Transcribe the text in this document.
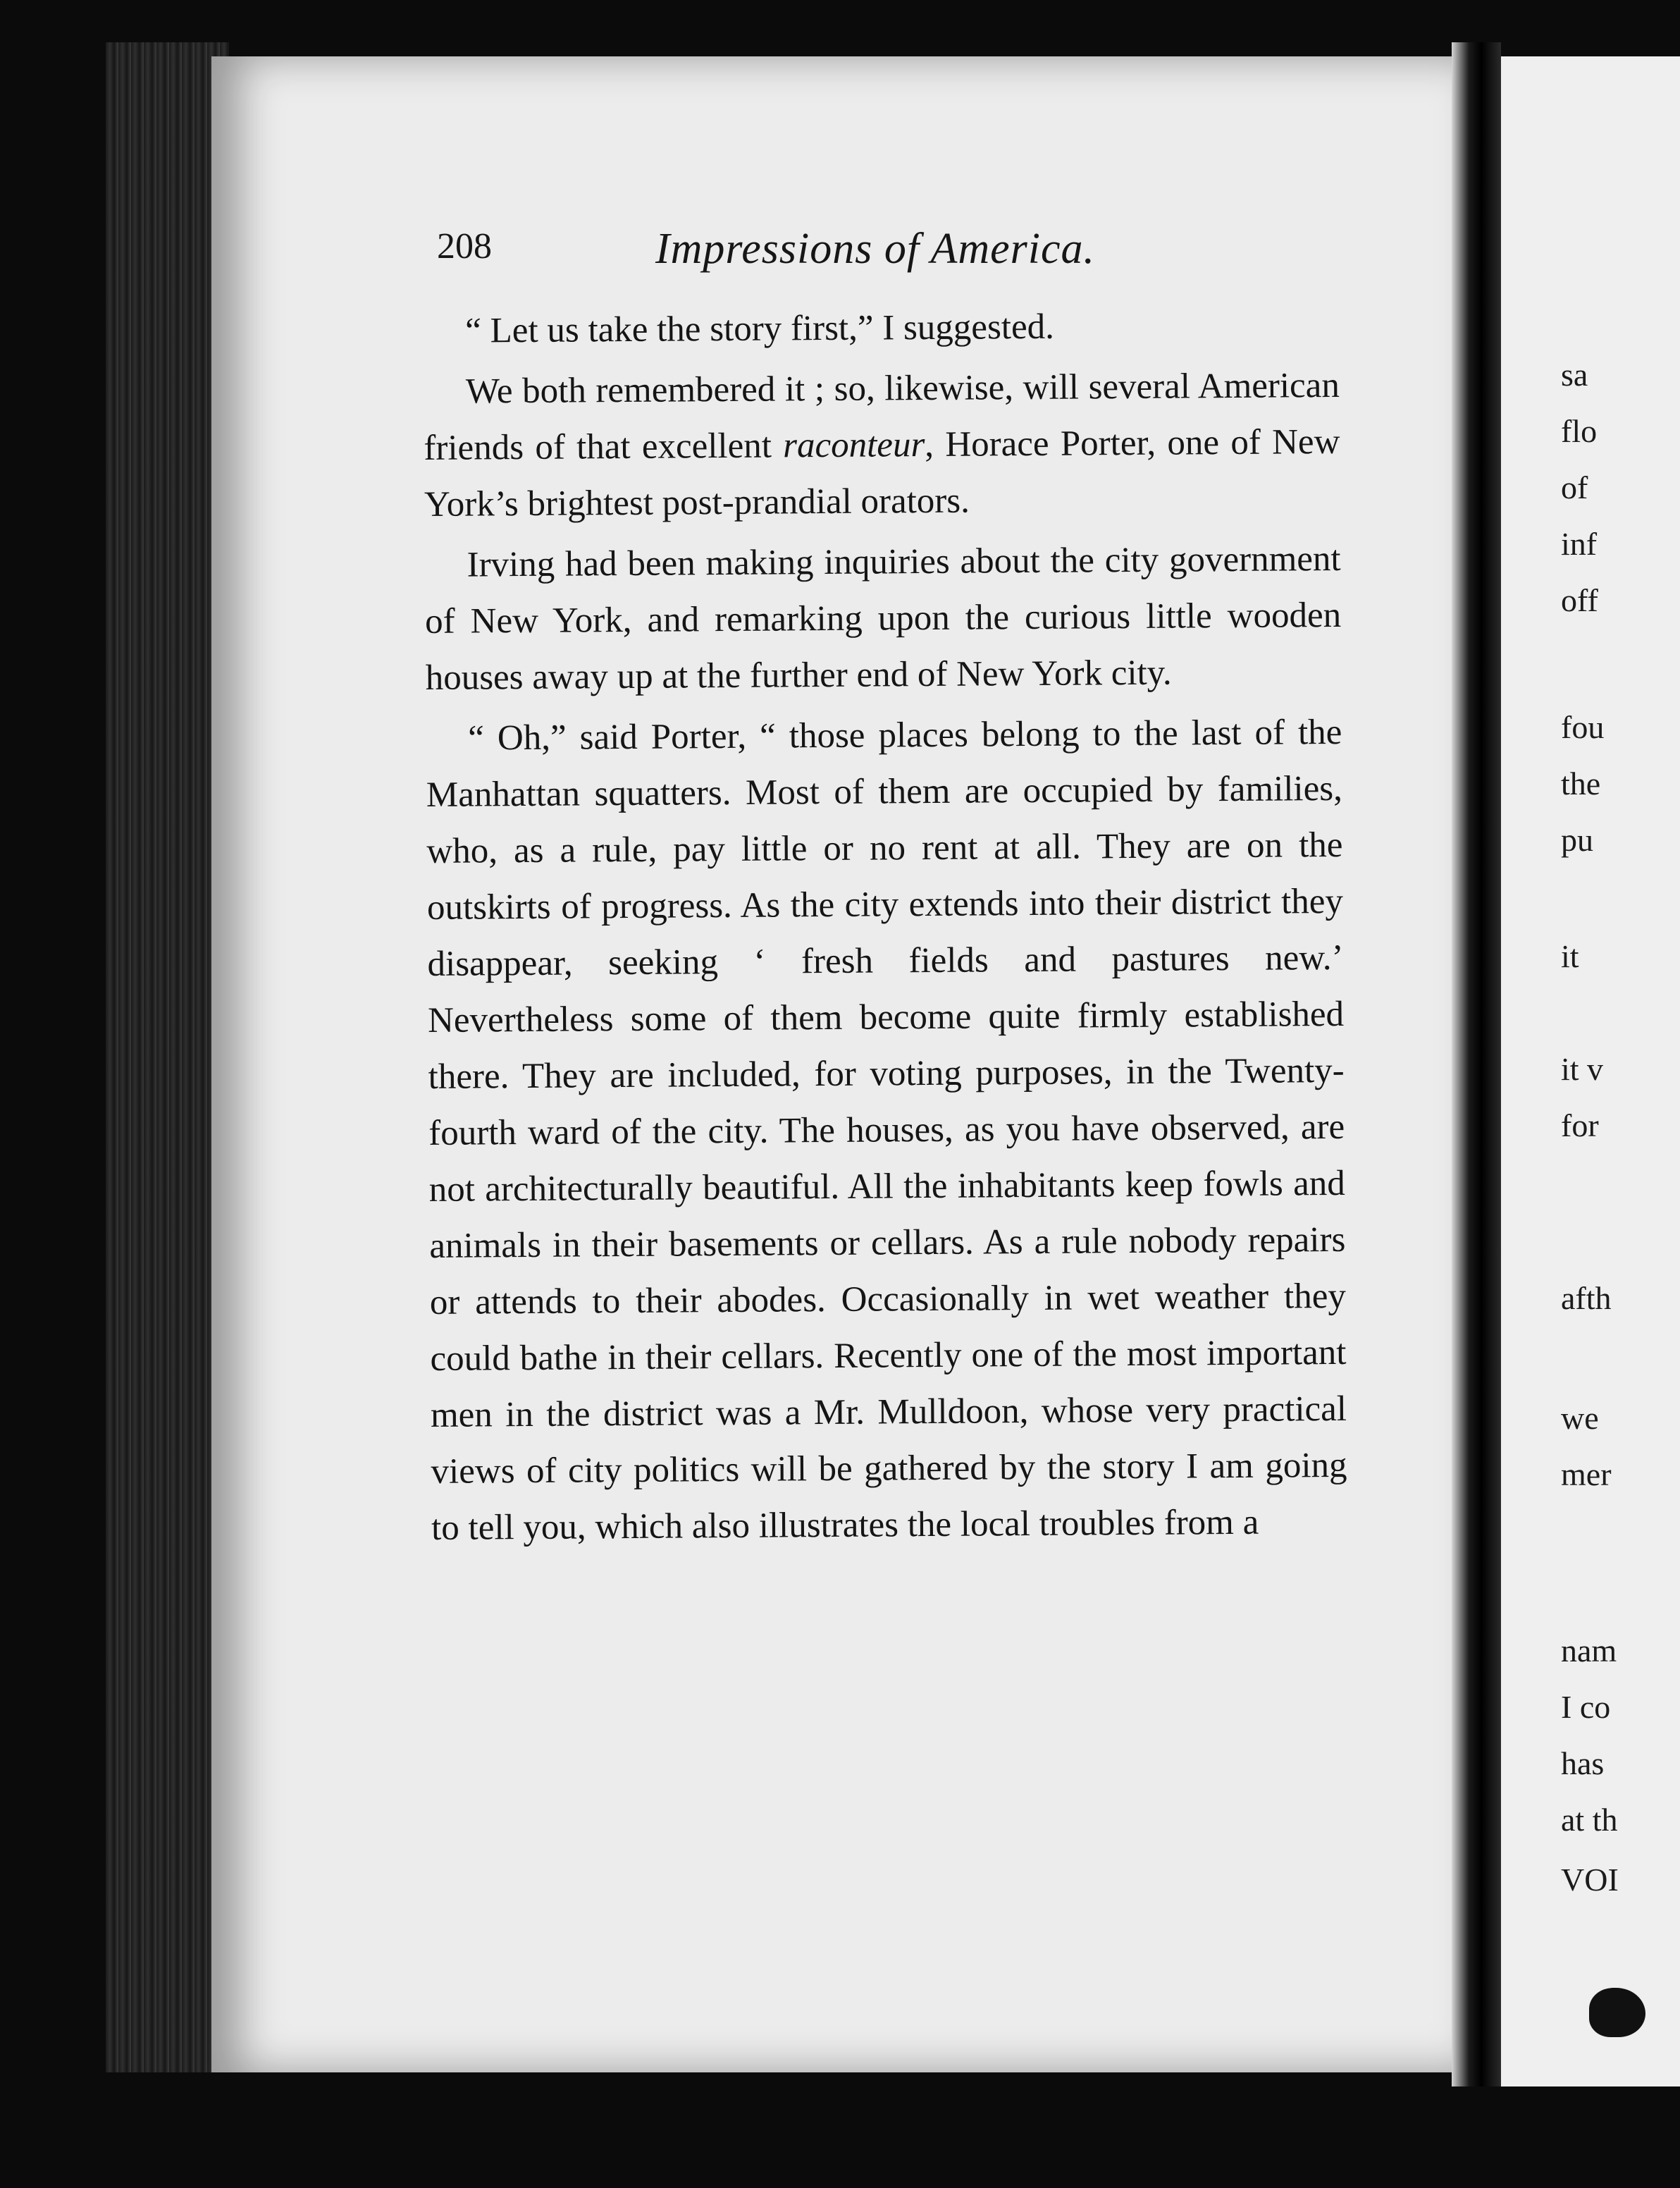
208	Impressions of America.

“ Let us take the story first,” I suggested.

We both remembered it ; so, likewise, will several American friends of that excellent raconteur, Horace Porter, one of New York’s brightest post-prandial orators.

Irving had been making inquiries about the city government of New York, and remarking upon the curious little wooden houses away up at the further end of New York city.

“ Oh,” said Porter, “ those places belong to the last of the Manhattan squatters. Most of them are occupied by families, who, as a rule, pay little or no rent at all. They are on the outskirts of progress. As the city extends into their district they disappear, seeking ‘ fresh fields and pastures new.’ Nevertheless some of them become quite firmly established there. They are included, for voting purposes, in the Twenty-fourth ward of the city. The houses, as you have observed, are not architecturally beautiful. All the inhabitants keep fowls and animals in their basements or cellars. As a rule nobody repairs or attends to their abodes. Occasionally in wet weather they could bathe in their cellars. Recently one of the most important men in the district was a Mr. Mulldoon, whose very practical views of city politics will be gathered by the story I am going to tell you, which also illustrates the local troubles from a

sa
flo
of
inf
off
fou
the
pu
it
it v
for
afth
we
mer
nam
I co
has
at th
VOI
